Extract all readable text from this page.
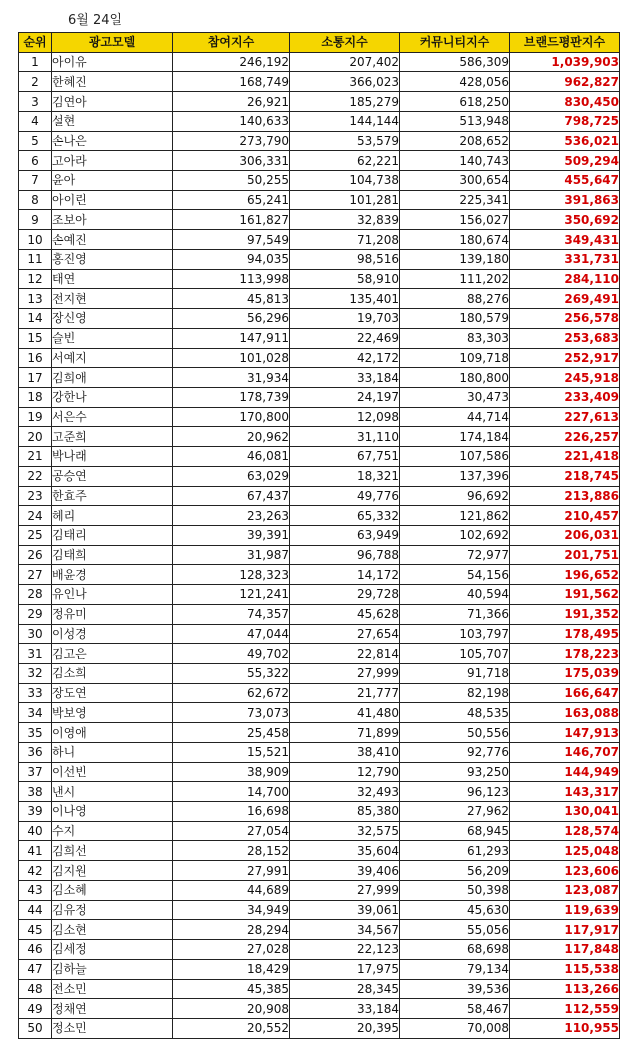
6월 24일
순위	광고모델	참여지수	소통지수	커뮤니티지수	브랜드평판지수
1	아이유	246,192	207,402	586,309	1,039,903
2	한혜진	168,749	366,023	428,056	962,827
3	김연아	26,921	185,279	618,250	830,450
4	설현	140,633	144,144	513,948	798,725
5	손나은	273,790	53,579	208,652	536,021
6	고아라	306,331	62,221	140,743	509,294
7	윤아	50,255	104,738	300,654	455,647
8	아이린	65,241	101,281	225,341	391,863
9	조보아	161,827	32,839	156,027	350,692
10	손예진	97,549	71,208	180,674	349,431
11	홍진영	94,035	98,516	139,180	331,731
12	태연	113,998	58,910	111,202	284,110
13	전지현	45,813	135,401	88,276	269,491
14	장신영	56,296	19,703	180,579	256,578
15	슬빈	147,911	22,469	83,303	253,683
16	서예지	101,028	42,172	109,718	252,917
17	김희애	31,934	33,184	180,800	245,918
18	강한나	178,739	24,197	30,473	233,409
19	서은수	170,800	12,098	44,714	227,613
20	고준희	20,962	31,110	174,184	226,257
21	박나래	46,081	67,751	107,586	221,418
22	공승연	63,029	18,321	137,396	218,745
23	한효주	67,437	49,776	96,692	213,886
24	헤리	23,263	65,332	121,862	210,457
25	김태리	39,391	63,949	102,692	206,031
26	김태희	31,987	96,788	72,977	201,751
27	배윤경	128,323	14,172	54,156	196,652
28	유인나	121,241	29,728	40,594	191,562
29	정유미	74,357	45,628	71,366	191,352
30	이성경	47,044	27,654	103,797	178,495
31	김고은	49,702	22,814	105,707	178,223
32	김소희	55,322	27,999	91,718	175,039
33	장도연	62,672	21,777	82,198	166,647
34	박보영	73,073	41,480	48,535	163,088
35	이영애	25,458	71,899	50,556	147,913
36	하니	15,521	38,410	92,776	146,707
37	이선빈	38,909	12,790	93,250	144,949
38	낸시	14,700	32,493	96,123	143,317
39	이나영	16,698	85,380	27,962	130,041
40	수지	27,054	32,575	68,945	128,574
41	김희선	28,152	35,604	61,293	125,048
42	김지원	27,991	39,406	56,209	123,606
43	김소혜	44,689	27,999	50,398	123,087
44	김유정	34,949	39,061	45,630	119,639
45	김소현	28,294	34,567	55,056	117,917
46	김세정	27,028	22,123	68,698	117,848
47	김하늘	18,429	17,975	79,134	115,538
48	전소민	45,385	28,345	39,536	113,266
49	정채연	20,908	33,184	58,467	112,559
50	정소민	20,552	20,395	70,008	110,955
